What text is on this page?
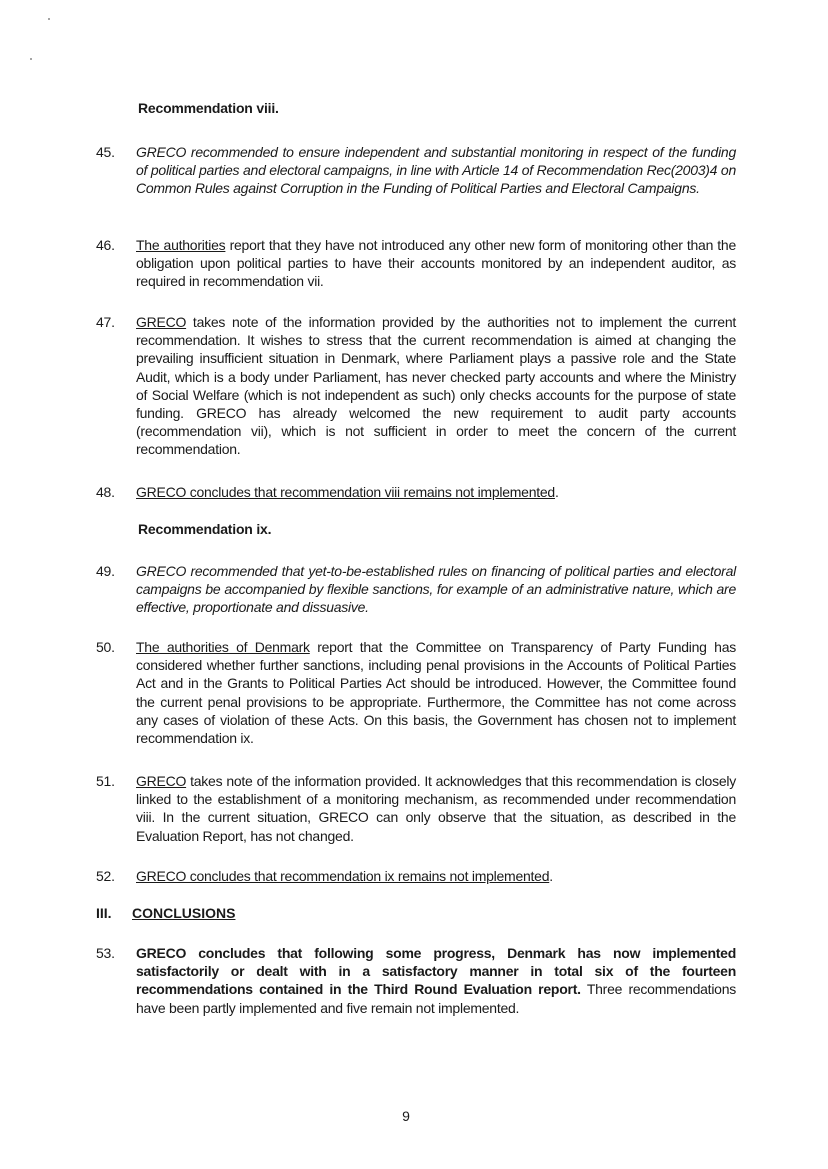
Recommendation viii.
45. GRECO recommended to ensure independent and substantial monitoring in respect of the funding of political parties and electoral campaigns, in line with Article 14 of Recommendation Rec(2003)4 on Common Rules against Corruption in the Funding of Political Parties and Electoral Campaigns.
46. The authorities report that they have not introduced any other new form of monitoring other than the obligation upon political parties to have their accounts monitored by an independent auditor, as required in recommendation vii.
47. GRECO takes note of the information provided by the authorities not to implement the current recommendation. It wishes to stress that the current recommendation is aimed at changing the prevailing insufficient situation in Denmark, where Parliament plays a passive role and the State Audit, which is a body under Parliament, has never checked party accounts and where the Ministry of Social Welfare (which is not independent as such) only checks accounts for the purpose of state funding. GRECO has already welcomed the new requirement to audit party accounts (recommendation vii), which is not sufficient in order to meet the concern of the current recommendation.
48. GRECO concludes that recommendation viii remains not implemented.
Recommendation ix.
49. GRECO recommended that yet-to-be-established rules on financing of political parties and electoral campaigns be accompanied by flexible sanctions, for example of an administrative nature, which are effective, proportionate and dissuasive.
50. The authorities of Denmark report that the Committee on Transparency of Party Funding has considered whether further sanctions, including penal provisions in the Accounts of Political Parties Act and in the Grants to Political Parties Act should be introduced. However, the Committee found the current penal provisions to be appropriate. Furthermore, the Committee has not come across any cases of violation of these Acts. On this basis, the Government has chosen not to implement recommendation ix.
51. GRECO takes note of the information provided. It acknowledges that this recommendation is closely linked to the establishment of a monitoring mechanism, as recommended under recommendation viii. In the current situation, GRECO can only observe that the situation, as described in the Evaluation Report, has not changed.
52. GRECO concludes that recommendation ix remains not implemented.
III. CONCLUSIONS
53. GRECO concludes that following some progress, Denmark has now implemented satisfactorily or dealt with in a satisfactory manner in total six of the fourteen recommendations contained in the Third Round Evaluation report. Three recommendations have been partly implemented and five remain not implemented.
9
